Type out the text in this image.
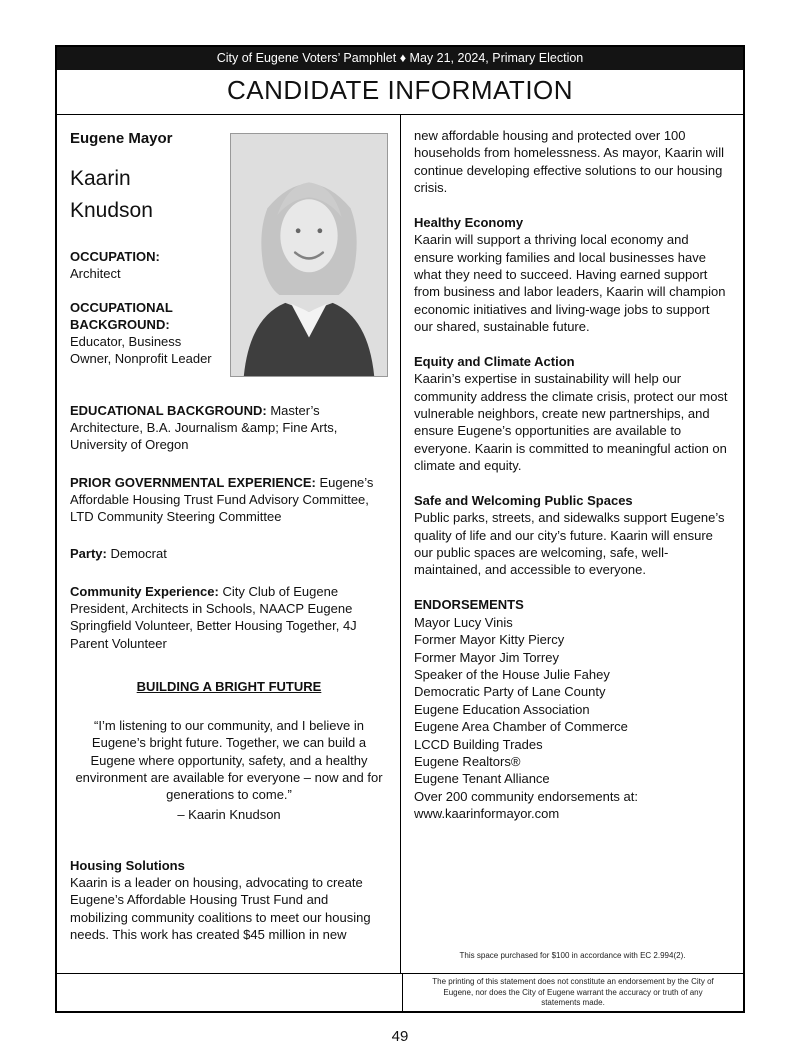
City of Eugene Voters’ Pamphlet ♦ May 21, 2024, Primary Election
CANDIDATE INFORMATION
Eugene Mayor
Kaarin
Knudson
OCCUPATION:
Architect
OCCUPATIONAL BACKGROUND:
Educator, Business Owner, Nonprofit Leader

EDUCATIONAL BACKGROUND: Master’s Architecture, B.A. Journalism &amp; Fine Arts, University of Oregon

PRIOR GOVERNMENTAL EXPERIENCE: Eugene’s Affordable Housing Trust Fund Advisory Committee, LTD Community Steering Committee

Party: Democrat

Community Experience: City Club of Eugene President, Architects in Schools, NAACP Eugene Springfield Volunteer, Better Housing Together, 4J Parent Volunteer

BUILDING A BRIGHT FUTURE
“I’m listening to our community, and I believe in Eugene’s bright future. Together, we can build a Eugene where opportunity, safety, and a healthy environment are available for everyone – now and for generations to come.”
– Kaarin Knudson
Housing Solutions
Kaarin is a leader on housing, advocating to create Eugene’s Affordable Housing Trust Fund and mobilizing community coalitions to meet our housing needs. This work has created $45 million in new

new affordable housing and protected over 100 households from homelessness. As mayor, Kaarin will continue developing effective solutions to our housing crisis.

Healthy Economy
Kaarin will support a thriving local economy and ensure working families and local businesses have what they need to succeed. Having earned support from business and labor leaders, Kaarin will champion economic initiatives and living-wage jobs to support our shared, sustainable future.
Equity and Climate Action
Kaarin’s expertise in sustainability will help our community address the climate crisis, protect our most vulnerable neighbors, create new partnerships, and ensure Eugene’s opportunities are available to everyone. Kaarin is committed to meaningful action on climate and equity.
Safe and Welcoming Public Spaces
Public parks, streets, and sidewalks support Eugene’s quality of life and our city’s future. Kaarin will ensure our public spaces are welcoming, safe, well-maintained, and accessible to everyone.
ENDORSEMENTS
Mayor Lucy Vinis
Former Mayor Kitty Piercy
Former Mayor Jim Torrey
Speaker of the House Julie Fahey
Democratic Party of Lane County
Eugene Education Association
Eugene Area Chamber of Commerce
LCCD Building Trades
Eugene Realtors®
Eugene Tenant Alliance
Over 200 community endorsements at:
www.kaarinformayor.com
This space purchased for $100 in accordance with EC 2.994(2).
The printing of this statement does not constitute an endorsement by the City of Eugene, nor does the City of Eugene warrant the accuracy or truth of any statements made.
49
